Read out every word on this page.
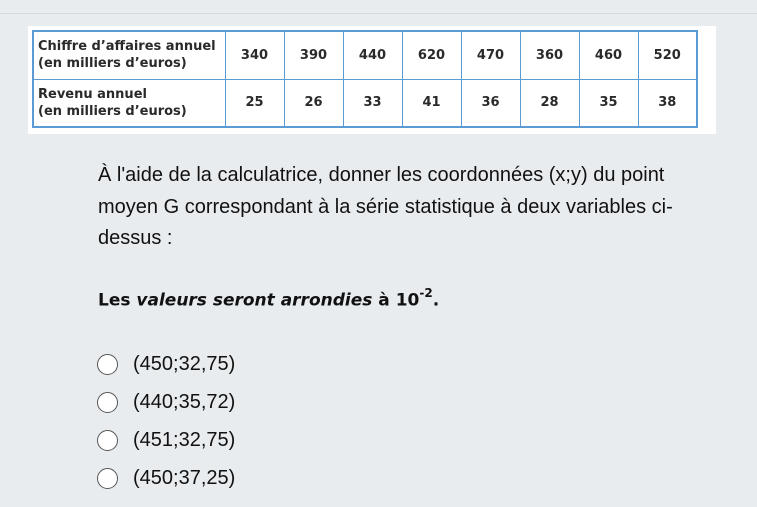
Chiffre d’affaires annuel
(en milliers d’euros)	340	390	440	620	470	360	460	520

Revenu annuel
(en milliers d’euros)	25	26	33	41	36	28	35	38

À l'aide de la calculatrice, donner les coordonnées (x;y) du point moyen G correspondant à la série statistique à deux variables ci-dessus :

Les valeurs seront arrondies à $10^{-2}$.

(450;32,75)
(440;35,72)
(451;32,75)
(450;37,25)
